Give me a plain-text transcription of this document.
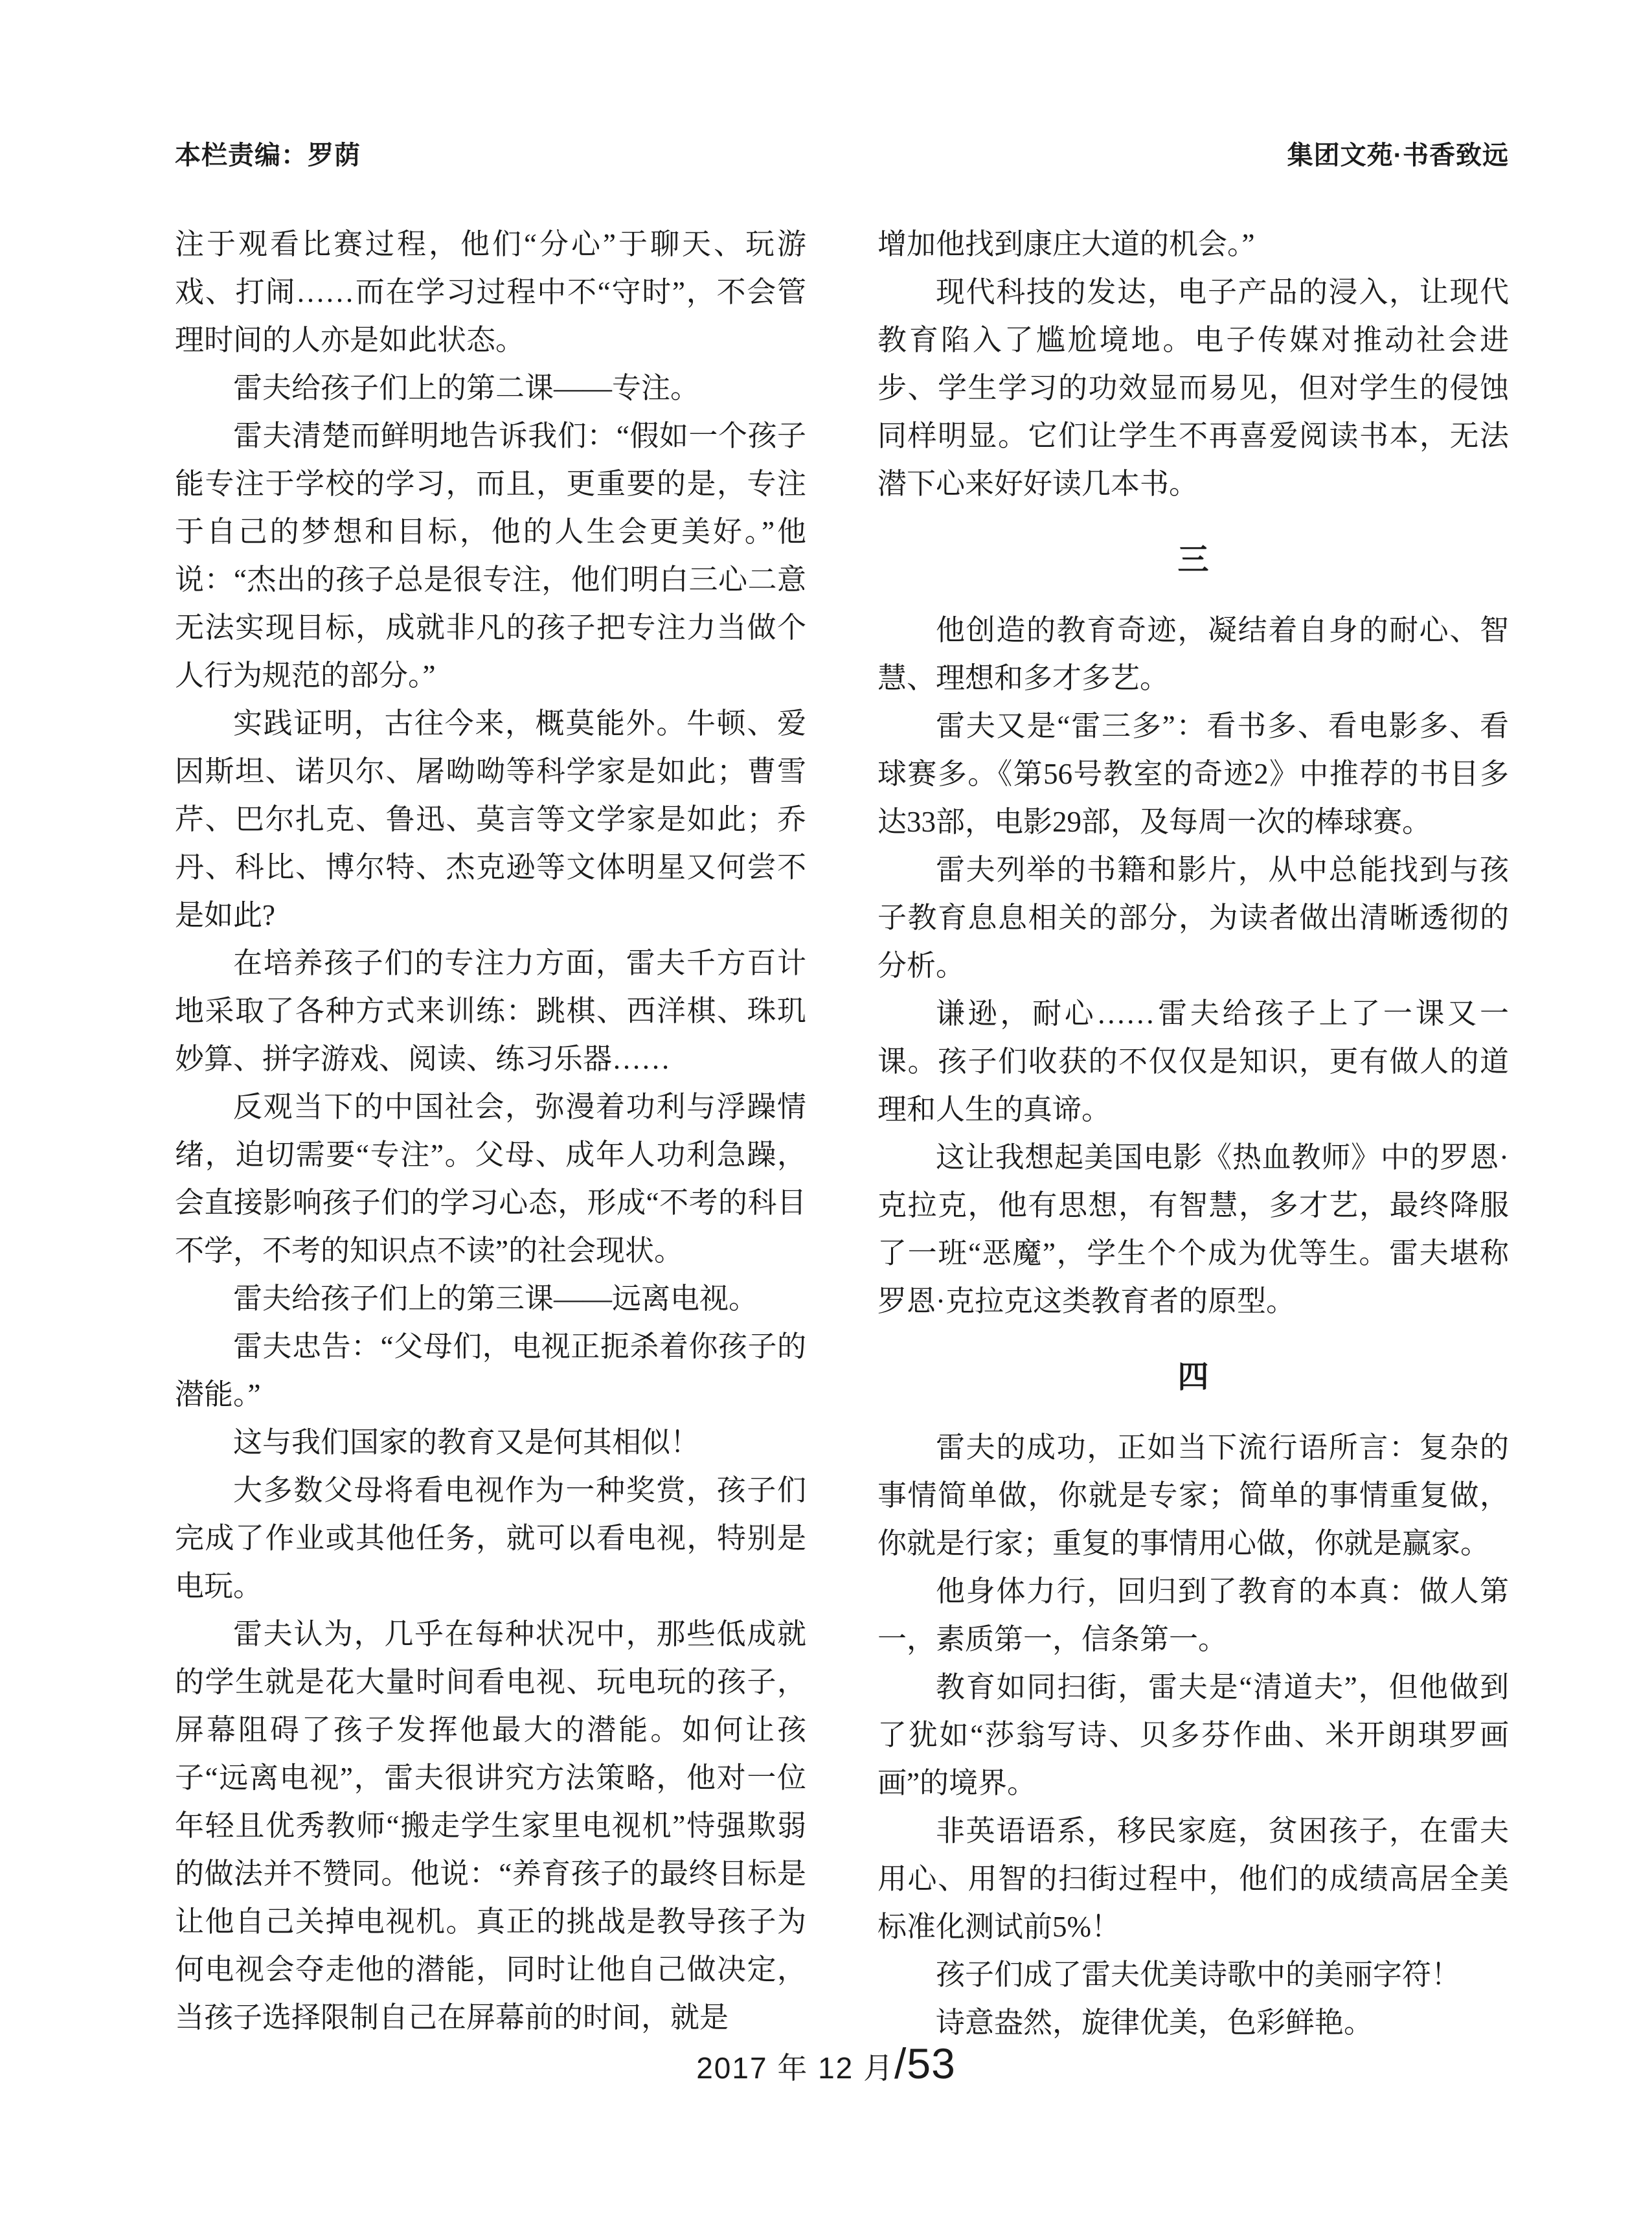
本栏责编：罗荫	集团文苑·书香致远

注于观看比赛过程，他们“分心”于聊天、玩游戏、打闹……而在学习过程中不“守时”，不会管理时间的人亦是如此状态。

雷夫给孩子们上的第二课——专注。

雷夫清楚而鲜明地告诉我们：“假如一个孩子能专注于学校的学习，而且，更重要的是，专注于自己的梦想和目标，他的人生会更美好。”他说：“杰出的孩子总是很专注，他们明白三心二意无法实现目标，成就非凡的孩子把专注力当做个人行为规范的部分。”

实践证明，古往今来，概莫能外。牛顿、爱因斯坦、诺贝尔、屠呦呦等科学家是如此；曹雪芹、巴尔扎克、鲁迅、莫言等文学家是如此；乔丹、科比、博尔特、杰克逊等文体明星又何尝不是如此?

在培养孩子们的专注力方面，雷夫千方百计地采取了各种方式来训练：跳棋、西洋棋、珠玑妙算、拼字游戏、阅读、练习乐器……

反观当下的中国社会，弥漫着功利与浮躁情绪，迫切需要“专注”。父母、成年人功利急躁，会直接影响孩子们的学习心态，形成“不考的科目不学，不考的知识点不读”的社会现状。

雷夫给孩子们上的第三课——远离电视。

雷夫忠告：“父母们，电视正扼杀着你孩子的潜能。”

这与我们国家的教育又是何其相似！

大多数父母将看电视作为一种奖赏，孩子们完成了作业或其他任务，就可以看电视，特别是电玩。

雷夫认为，几乎在每种状况中，那些低成就的学生就是花大量时间看电视、玩电玩的孩子，屏幕阻碍了孩子发挥他最大的潜能。如何让孩子“远离电视”，雷夫很讲究方法策略，他对一位年轻且优秀教师“搬走学生家里电视机”恃强欺弱的做法并不赞同。他说：“养育孩子的最终目标是让他自己关掉电视机。真正的挑战是教导孩子为何电视会夺走他的潜能，同时让他自己做决定，当孩子选择限制自己在屏幕前的时间，就是

增加他找到康庄大道的机会。”

现代科技的发达，电子产品的浸入，让现代教育陷入了尴尬境地。电子传媒对推动社会进步、学生学习的功效显而易见，但对学生的侵蚀同样明显。它们让学生不再喜爱阅读书本，无法潜下心来好好读几本书。

三

他创造的教育奇迹，凝结着自身的耐心、智慧、理想和多才多艺。

雷夫又是“雷三多”：看书多、看电影多、看球赛多。《第56号教室的奇迹2》中推荐的书目多达33部，电影29部，及每周一次的棒球赛。

雷夫列举的书籍和影片，从中总能找到与孩子教育息息相关的部分，为读者做出清晰透彻的分析。

谦逊，耐心……雷夫给孩子上了一课又一课。孩子们收获的不仅仅是知识，更有做人的道理和人生的真谛。

这让我想起美国电影《热血教师》中的罗恩·克拉克，他有思想，有智慧，多才艺，最终降服了一班“恶魔”，学生个个成为优等生。雷夫堪称罗恩·克拉克这类教育者的原型。

四

雷夫的成功，正如当下流行语所言：复杂的事情简单做，你就是专家；简单的事情重复做，你就是行家；重复的事情用心做，你就是赢家。

他身体力行，回归到了教育的本真：做人第一，素质第一，信条第一。

教育如同扫街，雷夫是“清道夫”，但他做到了犹如“莎翁写诗、贝多芬作曲、米开朗琪罗画画”的境界。

非英语语系，移民家庭，贫困孩子，在雷夫用心、用智的扫街过程中，他们的成绩高居全美标准化测试前5%！

孩子们成了雷夫优美诗歌中的美丽字符！

诗意盎然，旋律优美，色彩鲜艳。

2017 年 12 月 /53
